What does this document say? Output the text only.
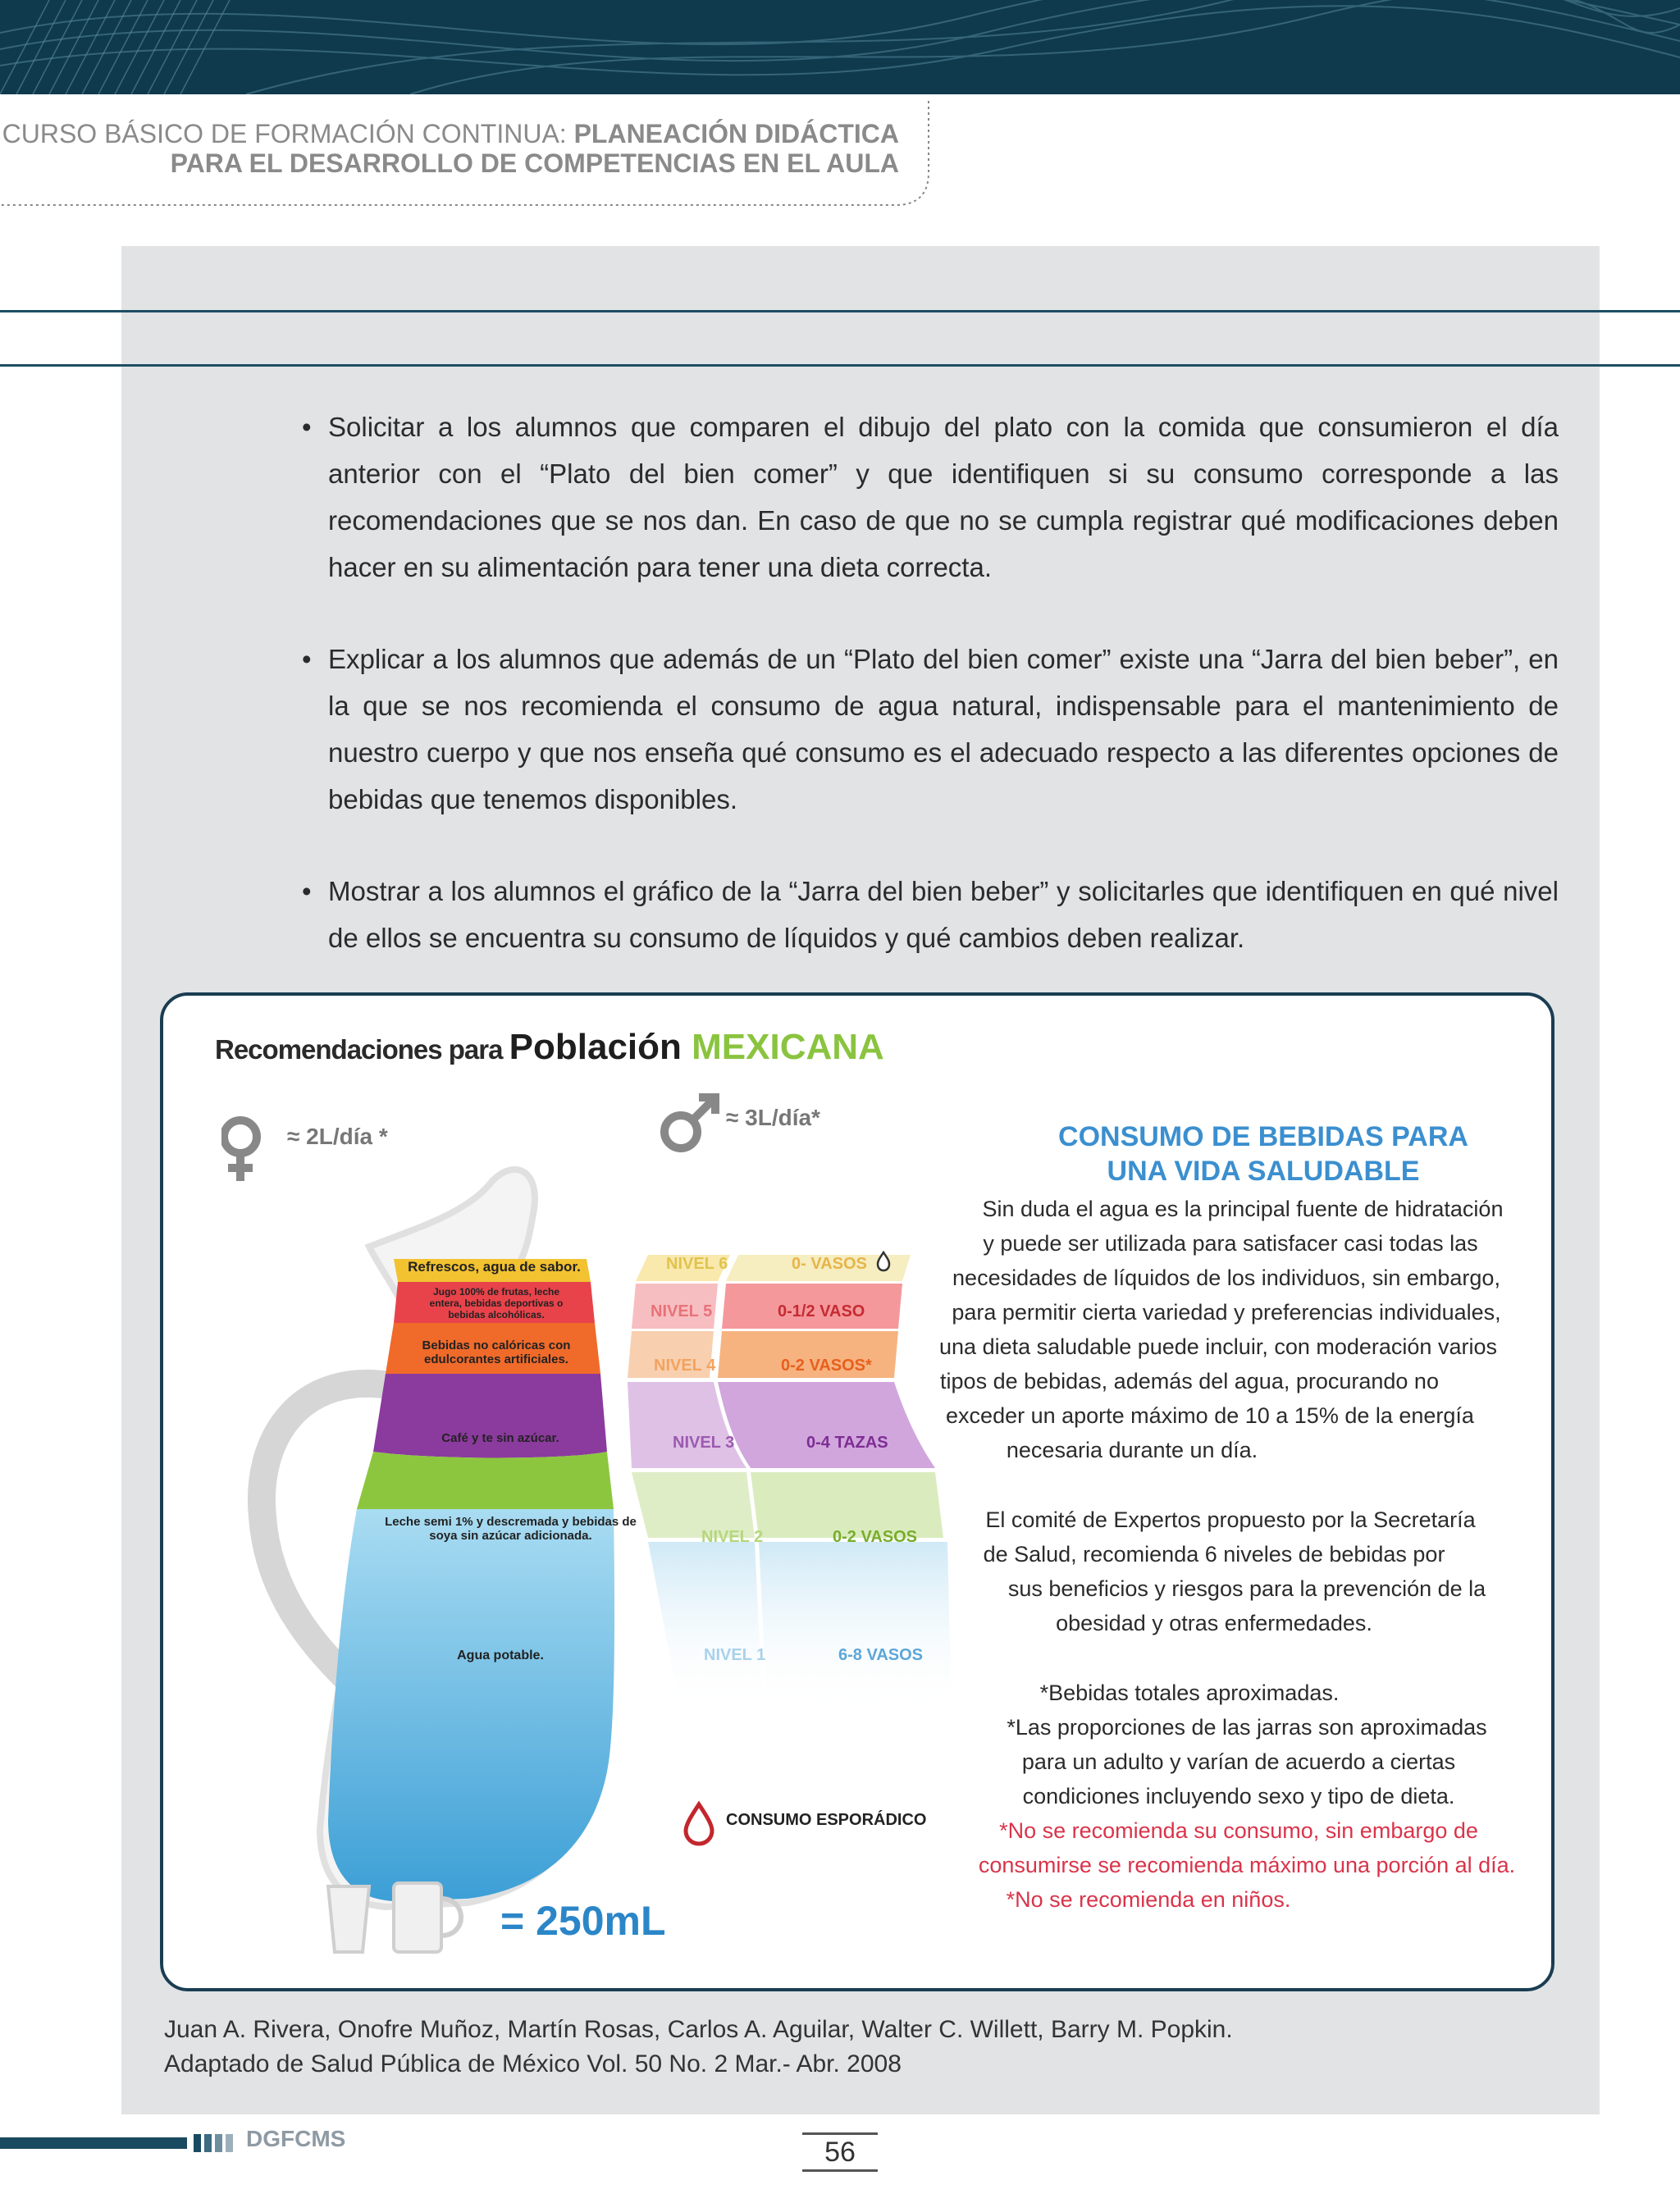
CURSO BÁSICO DE FORMACIÓN CONTINUA: PLANEACIÓN DIDÁCTICA
PARA EL DESARROLLO DE COMPETENCIAS EN EL AULA
• Solicitar a los alumnos que comparen el dibujo del plato con la comida que consumieron el día anterior con el “Plato del bien comer” y que identifiquen si su consumo corresponde a las recomendaciones que se nos dan. En caso de que no se cumpla registrar qué modificaciones deben hacer en su alimentación para tener una dieta correcta.
• Explicar a los alumnos que además de un “Plato del bien comer” existe una “Jarra del bien beber”, en la que se nos recomienda el consumo de agua natural, indispensable para el mantenimiento de nuestro cuerpo y que nos enseña qué consumo es el adecuado respecto a las diferentes opciones de bebidas que tenemos disponibles.
• Mostrar a los alumnos el gráfico de la “Jarra del bien beber” y solicitarles que identifiquen en qué nivel de ellos se encuentra su consumo de líquidos y qué cambios deben realizar.
Recomendaciones para Población MEXICANA
≈ 2L/día *
≈ 3L/día*
Refrescos, agua de sabor.
Jugo 100% de frutas, leche entera, bebidas deportivas o bebidas alcohólicas.
Bebidas no calóricas con edulcorantes artificiales.
Café y te sin azúcar.
Leche semi 1% y descremada y bebidas de soya sin azúcar adicionada.
Agua potable.
NIVEL 6	0- VASOS
NIVEL 5	0-1/2 VASO
NIVEL 4	0-2 VASOS*
NIVEL 3	0-4 TAZAS
NIVEL 2	0-2 VASOS
NIVEL 1	6-8 VASOS
CONSUMO ESPORÁDICO
= 250mL
CONSUMO DE BEBIDAS PARA UNA VIDA SALUDABLE
Sin duda el agua es la principal fuente de hidratación
y puede ser utilizada para satisfacer casi todas las
necesidades de líquidos de los individuos, sin embargo,
para permitir cierta variedad y preferencias individuales,
una dieta saludable puede incluir, con moderación varios
tipos de bebidas, además del agua, procurando no
exceder un aporte máximo de 10 a 15% de la energía
necesaria durante un día.
El comité de Expertos propuesto por la Secretaría
de Salud, recomienda 6 niveles de bebidas por
sus beneficios y riesgos para la prevención de la
obesidad y otras enfermedades.
*Bebidas totales aproximadas.
*Las proporciones de las jarras son aproximadas
para un adulto y varían de acuerdo a ciertas
condiciones incluyendo sexo y tipo de dieta.
*No se recomienda su consumo, sin embargo de
consumirse se recomienda máximo una porción al día.
*No se recomienda en niños.
Juan A. Rivera, Onofre Muñoz, Martín Rosas, Carlos A. Aguilar, Walter C. Willett, Barry M. Popkin.
Adaptado de Salud Pública de México Vol. 50 No. 2 Mar.- Abr. 2008
DGFCMS	56
